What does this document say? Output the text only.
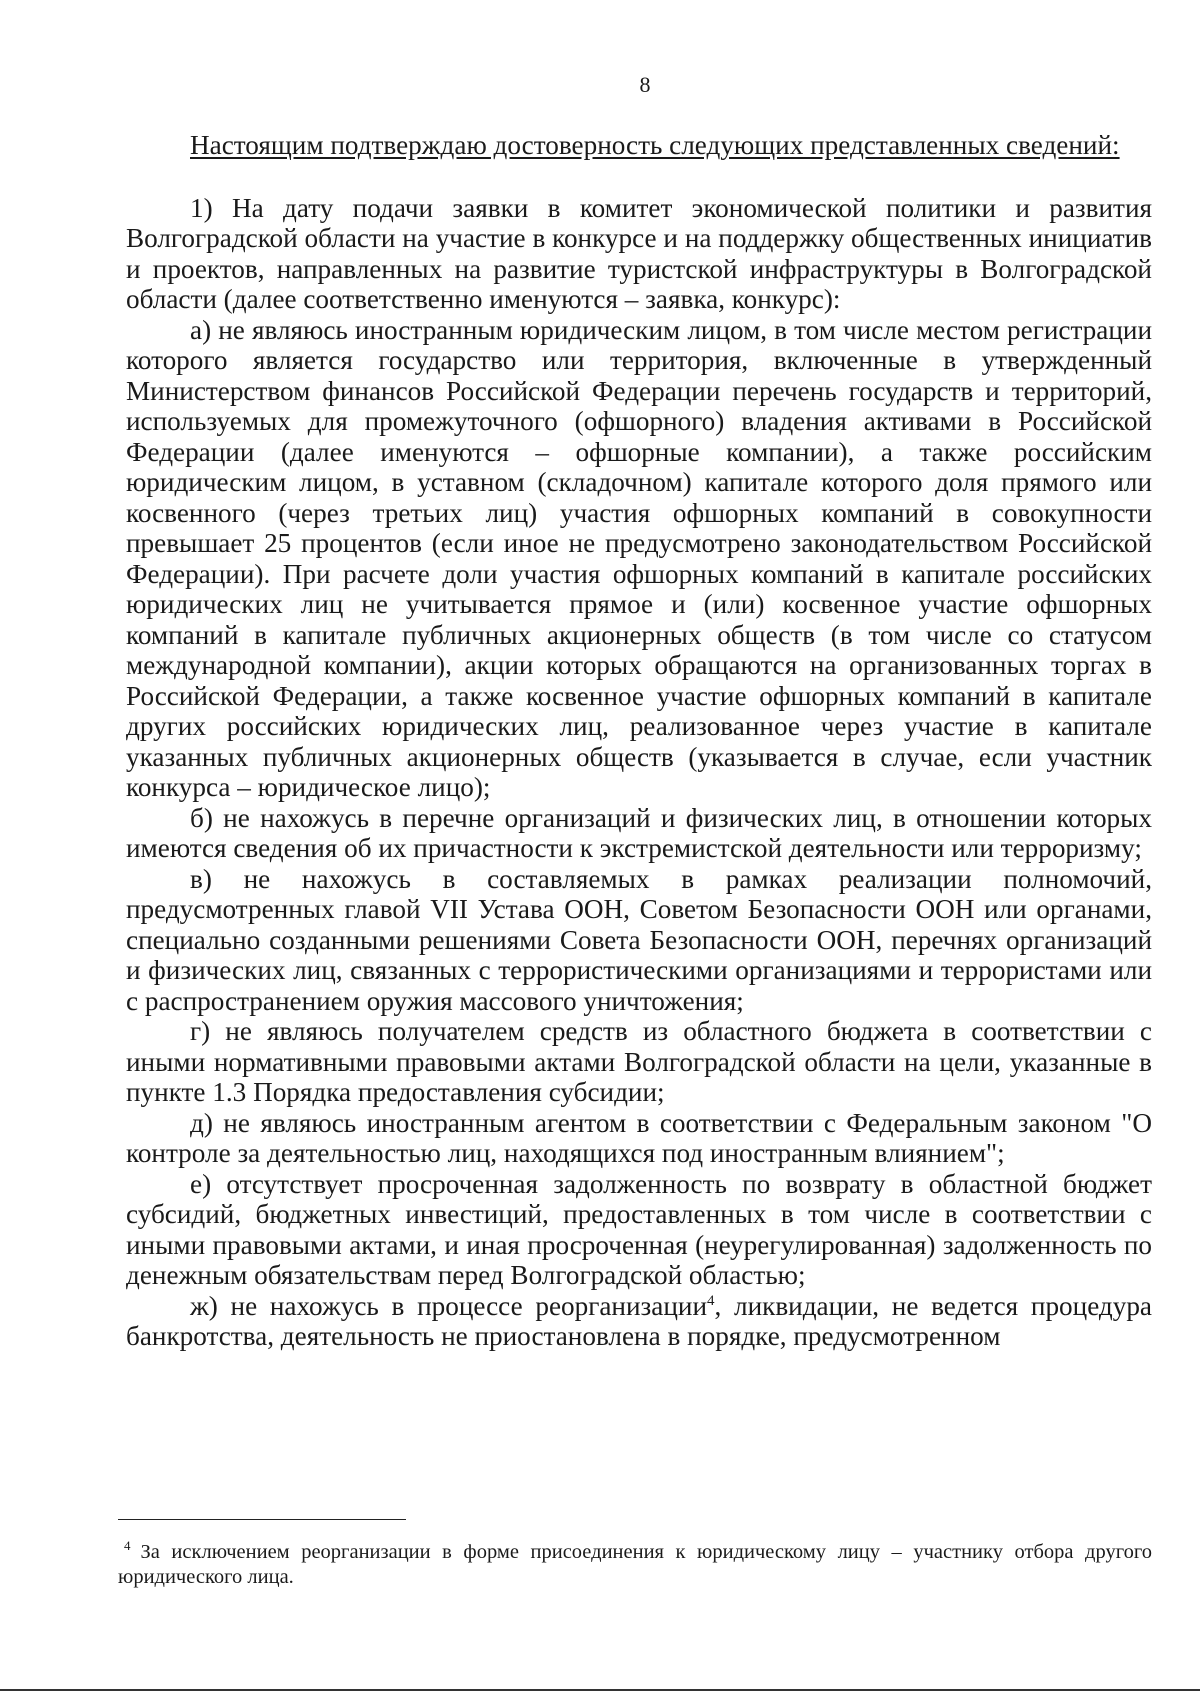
8

Настоящим подтверждаю достоверность следующих представленных сведений:

1) На дату подачи заявки в комитет экономической политики и развития Волгоградской области на участие в конкурсе и на поддержку общественных инициатив и проектов, направленных на развитие туристской инфраструктуры в Волгоградской области (далее соответственно именуются – заявка, конкурс):

а) не являюсь иностранным юридическим лицом, в том числе местом регистрации которого является государство или территория, включенные в утвержденный Министерством финансов Российской Федерации перечень государств и территорий, используемых для промежуточного (офшорного) владения активами в Российской Федерации (далее именуются – офшорные компании), а также российским юридическим лицом, в уставном (складочном) капитале которого доля прямого или косвенного (через третьих лиц) участия офшорных компаний в совокупности превышает 25 процентов (если иное не предусмотрено законодательством Российской Федерации). При расчете доли участия офшорных компаний в капитале российских юридических лиц не учитывается прямое и (или) косвенное участие офшорных компаний в капитале публичных акционерных обществ (в том числе со статусом международной компании), акции которых обращаются на организованных торгах в Российской Федерации, а также косвенное участие офшорных компаний в капитале других российских юридических лиц, реализованное через участие в капитале указанных публичных акционерных обществ (указывается в случае, если участник конкурса – юридическое лицо);

б) не нахожусь в перечне организаций и физических лиц, в отношении которых имеются сведения об их причастности к экстремистской деятельности или терроризму;

в) не нахожусь в составляемых в рамках реализации полномочий, предусмотренных главой VII Устава ООН, Советом Безопасности ООН или органами, специально созданными решениями Совета Безопасности ООН, перечнях организаций и физических лиц, связанных с террористическими организациями и террористами или с распространением оружия массового уничтожения;

г) не являюсь получателем средств из областного бюджета в соответствии с иными нормативными правовыми актами Волгоградской области на цели, указанные в пункте 1.3 Порядка предоставления субсидии;

д) не являюсь иностранным агентом в соответствии с Федеральным законом "О контроле за деятельностью лиц, находящихся под иностранным влиянием";

е) отсутствует просроченная задолженность по возврату в областной бюджет субсидий, бюджетных инвестиций, предоставленных в том числе в соответствии с иными правовыми актами, и иная просроченная (неурегулированная) задолженность по денежным обязательствам перед Волгоградской областью;

ж) не нахожусь в процессе реорганизации$^4$, ликвидации, не ведется процедура банкротства, деятельность не приостановлена в порядке, предусмотренном

$^4$ За исключением реорганизации в форме присоединения к юридическому лицу – участнику отбора другого юридического лица.
